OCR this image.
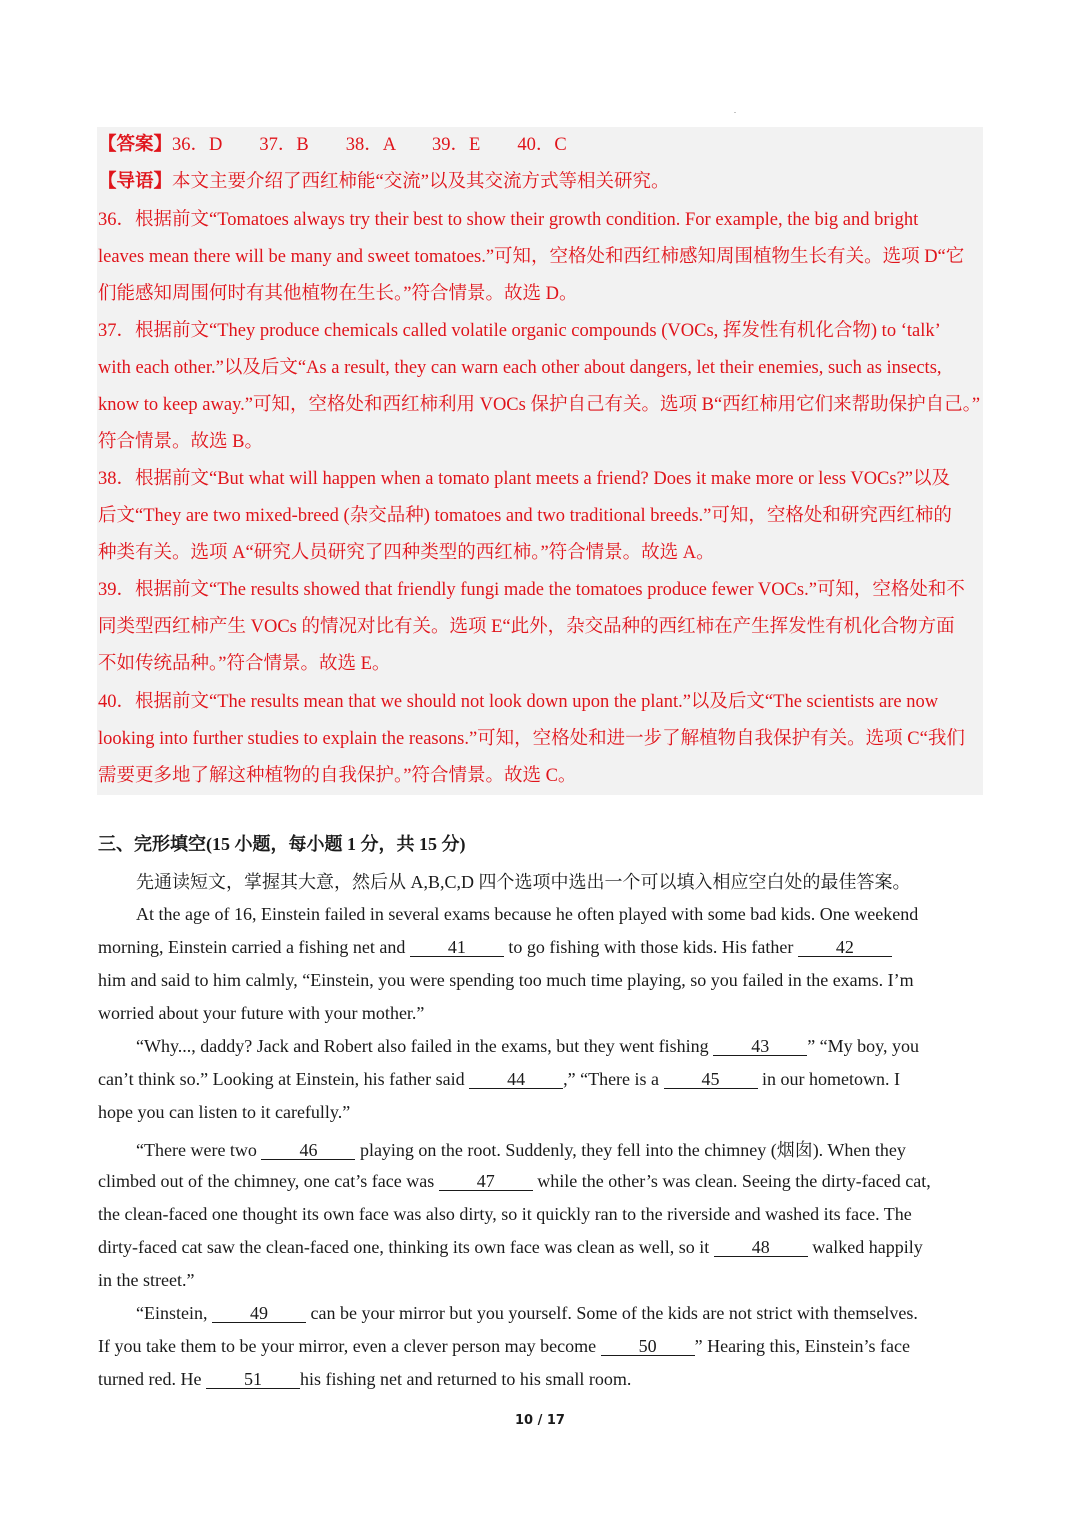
.
【答案】36．D　　37．B　　38．A　　39．E　　40．C
【导语】本文主要介绍了西红柿能“交流”以及其交流方式等相关研究。
36．根据前文“Tomatoes always try their best to show their growth condition. For example, the big and bright
leaves mean there will be many and sweet tomatoes.”可知，空格处和西红柿感知周围植物生长有关。选项 D“它
们能感知周围何时有其他植物在生长。”符合情景。故选 D。
37．根据前文“They produce chemicals called volatile organic compounds (VOCs, 挥发性有机化合物) to ‘talk’
with each other.”以及后文“As a result, they can warn each other about dangers, let their enemies, such as insects,
know to keep away.”可知，空格处和西红柿利用 VOCs 保护自己有关。选项 B“西红柿用它们来帮助保护自己。”
符合情景。故选 B。
38．根据前文“But what will happen when a tomato plant meets a friend? Does it make more or less VOCs?”以及
后文“They are two mixed-breed (杂交品种) tomatoes and two traditional breeds.”可知，空格处和研究西红柿的
种类有关。选项 A“研究人员研究了四种类型的西红柿。”符合情景。故选 A。
39．根据前文“The results showed that friendly fungi made the tomatoes produce fewer VOCs.”可知，空格处和不
同类型西红柿产生 VOCs 的情况对比有关。选项 E“此外，杂交品种的西红柿在产生挥发性有机化合物方面
不如传统品种。”符合情景。故选 E。
40．根据前文“The results mean that we should not look down upon the plant.”以及后文“The scientists are now
looking into further studies to explain the reasons.”可知，空格处和进一步了解植物自我保护有关。选项 C“我们
需要更多地了解这种植物的自我保护。”符合情景。故选 C。
三、完形填空(15 小题，每小题 1 分，共 15 分)
先通读短文，掌握其大意，然后从 A,B,C,D 四个选项中选出一个可以填入相应空白处的最佳答案。
At the age of 16, Einstein failed in several exams because he often played with some bad kids. One weekend
morning, Einstein carried a fishing net and 41 to go fishing with those kids. His father 42
him and said to him calmly, “Einstein, you were spending too much time playing, so you failed in the exams. I’m
worried about your future with your mother.”
“Why..., daddy? Jack and Robert also failed in the exams, but they went fishing 43 ” “My boy, you
can’t think so.” Looking at Einstein, his father said 44 ,” “There is a 45 in our hometown. I
hope you can listen to it carefully.”
“There were two 46 playing on the root. Suddenly, they fell into the chimney (烟囱). When they
climbed out of the chimney, one cat’s face was 47 while the other’s was clean. Seeing the dirty-faced cat,
the clean-faced one thought its own face was also dirty, so it quickly ran to the riverside and washed its face. The
dirty-faced cat saw the clean-faced one, thinking its own face was clean as well, so it 48 walked happily
in the street.”
“Einstein, 49 can be your mirror but you yourself. Some of the kids are not strict with themselves.
If you take them to be your mirror, even a clever person may become 50 ” Hearing this, Einstein’s face
turned red. He 51 his fishing net and returned to his small room.
10 / 17
